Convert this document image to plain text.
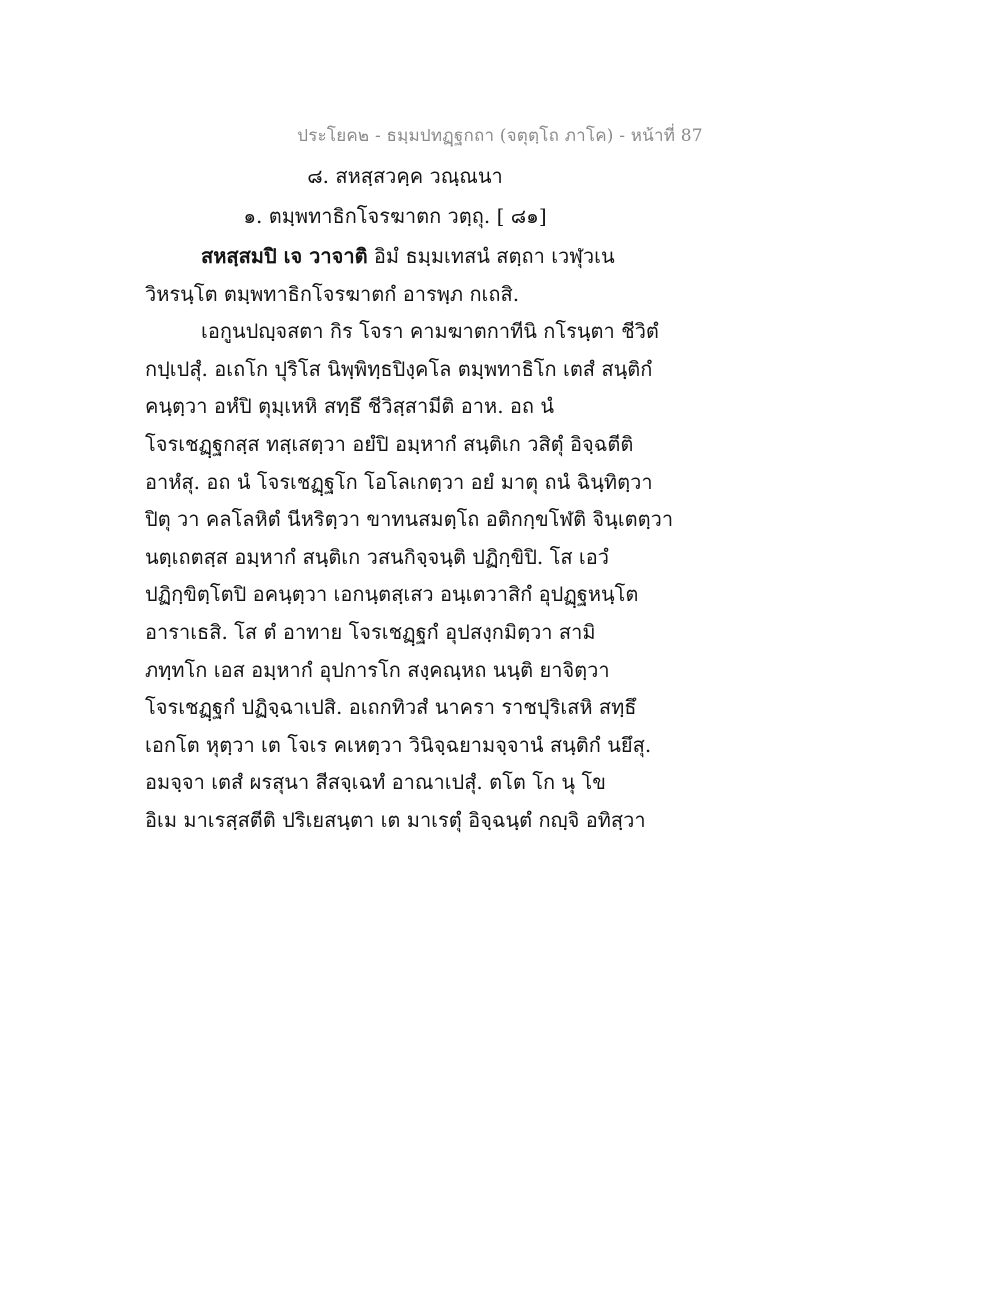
ประโยค๒ - ธมฺมปทฏฺฐกถา (จตุตฺโถ ภาโค) - หน้าที่ 87
๘. สหสฺสวคฺค วณฺณนา
๑. ตมฺพทาธิกโจรฆาตก วตฺถุ. [ ๘๑]
สหสฺสมปิ เจ วาจาติ อิมํ ธมฺมเทสนํ สตฺถา เวฬุวเน
วิหรนฺโต ตมฺพทาธิกโจรฆาตกํ อารพฺภ กเถสิ.
เอกูนปญฺจสตา กิร โจรา คามฆาตกาทีนิ กโรนฺตา ชีวิตํ
กปฺเปสุํ. อเถโก ปุริโส นิพฺพิทฺธปิงฺคโล ตมฺพทาธิโก เตสํ สนฺติกํ
คนฺตฺวา อหํปิ ตุมฺเหหิ สทฺธึ ชีวิสฺสามีติ อาห. อถ นํ
โจรเชฏฺฐกสฺส ทสฺเสตฺวา อยํปิ อมฺหากํ สนฺติเก วสิตุํ อิจฺฉตีติ
อาหํสุ. อถ นํ โจรเชฏฺฐโก โอโลเกตฺวา อยํ มาตุ ถนํ ฉินฺทิตฺวา
ปิตุ วา คลโลหิตํ นีหริตฺวา ขาทนสมตฺโถ อติกกฺขโฬติ จินฺเตตฺวา
นตฺเถตสฺส อมฺหากํ สนฺติเก วสนกิจฺจนฺติ ปฏิกฺขิปิ. โส เอวํ
ปฏิกฺขิตฺโตปิ อคนฺตฺวา เอกนฺตสฺเสว อนฺเตวาสิกํ อุปฏฺฐหนฺโต
อาราเธสิ. โส ตํ อาทาย โจรเชฏฺฐกํ อุปสงฺกมิตฺวา สามิ
ภทฺทโก เอส อมฺหากํ อุปการโก สงฺคณฺหถ นนฺติ ยาจิตฺวา
โจรเชฏฺฐกํ ปฏิจฺฉาเปสิ. อเถกทิวสํ นาครา ราชปุริเสหิ สทฺธึ
เอกโต หุตฺวา เต โจเร คเหตฺวา วินิจฺฉยามจฺจานํ สนฺติกํ นยึสุ.
อมจฺจา เตสํ ผรสุนา สีสจฺเฉทํ อาณาเปสุํ. ตโต โก นุ โข
อิเม มาเรสฺสตีติ ปริเยสนฺตา เต มาเรตุํ อิจฺฉนฺตํ กญฺจิ อทิสฺวา
